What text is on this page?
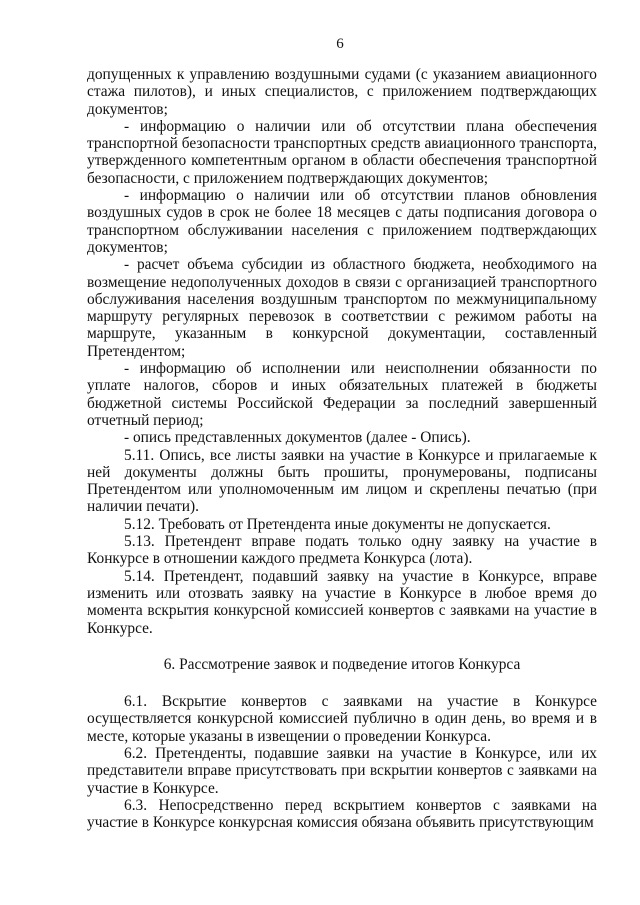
6

допущенных к управлению воздушными судами (с указанием авиационного стажа пилотов), и иных специалистов, с приложением подтверждающих документов;

- информацию о наличии или об отсутствии плана обеспечения транспортной безопасности транспортных средств авиационного транспорта, утвержденного компетентным органом в области обеспечения транспортной безопасности, с приложением подтверждающих документов;

- информацию о наличии или об отсутствии планов обновления воздушных судов в срок не более 18 месяцев с даты подписания договора о транспортном обслуживании населения с приложением подтверждающих документов;

- расчет объема субсидии из областного бюджета, необходимого на возмещение недополученных доходов в связи с организацией транспортного обслуживания населения воздушным транспортом по межмуниципальному маршруту регулярных перевозок в соответствии с режимом работы на маршруте, указанным в конкурсной документации, составленный Претендентом;

- информацию об исполнении или неисполнении обязанности по уплате налогов, сборов и иных обязательных платежей в бюджеты бюджетной системы Российской Федерации за последний завершенный отчетный период;

- опись представленных документов (далее - Опись).

5.11. Опись, все листы заявки на участие в Конкурсе и прилагаемые к ней документы должны быть прошиты, пронумерованы, подписаны Претендентом или уполномоченным им лицом и скреплены печатью (при наличии печати).

5.12. Требовать от Претендента иные документы не допускается.

5.13. Претендент вправе подать только одну заявку на участие в Конкурсе в отношении каждого предмета Конкурса (лота).

5.14. Претендент, подавший заявку на участие в Конкурсе, вправе изменить или отозвать заявку на участие в Конкурсе в любое время до момента вскрытия конкурсной комиссией конвертов с заявками на участие в Конкурсе.

6. Рассмотрение заявок и подведение итогов Конкурса

6.1. Вскрытие конвертов с заявками на участие в Конкурсе осуществляется конкурсной комиссией публично в один день, во время и в месте, которые указаны в извещении о проведении Конкурса.

6.2. Претенденты, подавшие заявки на участие в Конкурсе, или их представители вправе присутствовать при вскрытии конвертов с заявками на участие в Конкурсе.

6.3. Непосредственно перед вскрытием конвертов с заявками на участие в Конкурсе конкурсная комиссия обязана объявить присутствующим
